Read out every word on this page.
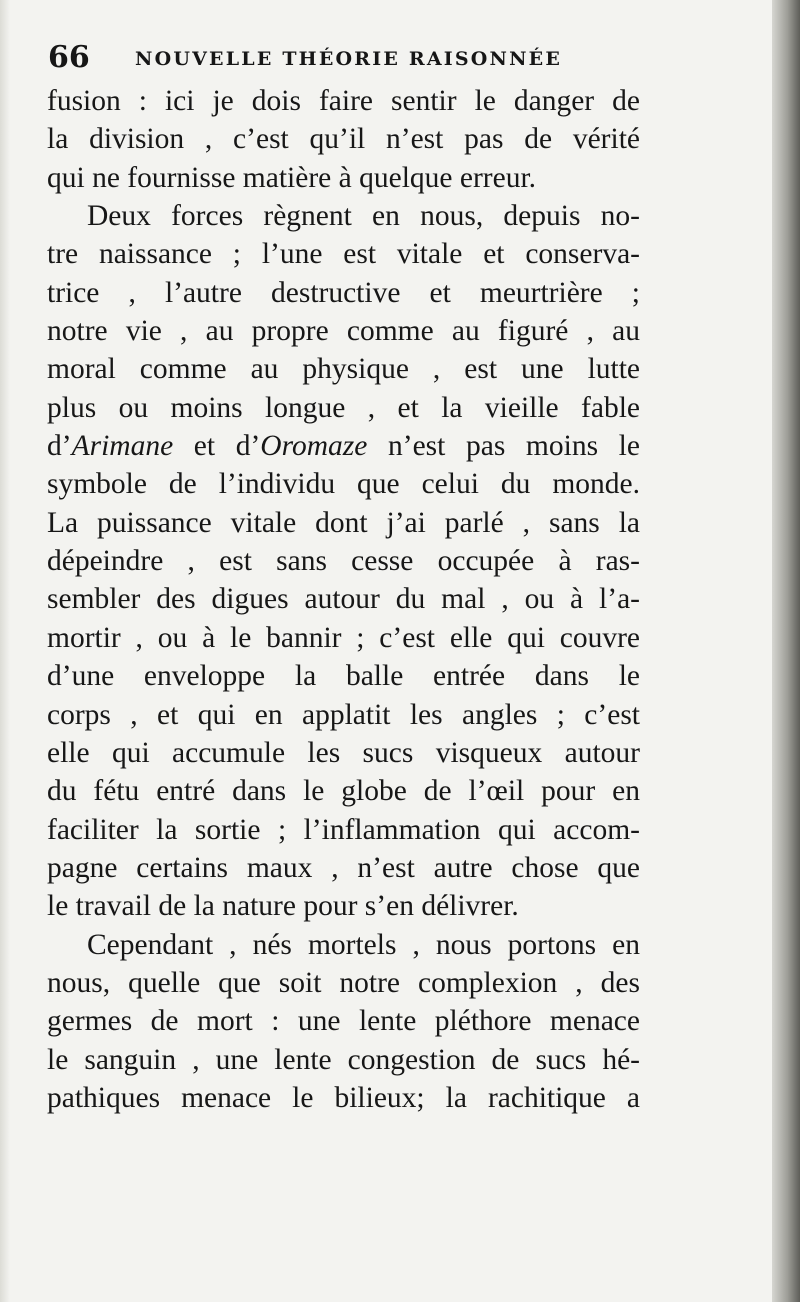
66 NOUVELLE THÉORIE RAISONNÉE
fusion : ici je dois faire sentir le danger de
la division , c’est qu’il n’est pas de vérité
qui ne fournisse matière à quelque erreur.
Deux forces règnent en nous, depuis no-
tre naissance ; l’une est vitale et conserva-
trice , l’autre destructive et meurtrière ;
notre vie , au propre comme au figuré , au
moral comme au physique , est une lutte
plus ou moins longue , et la vieille fable
d’Arimane et d’Oromaze n’est pas moins le
symbole de l’individu que celui du monde.
La puissance vitale dont j’ai parlé , sans la
dépeindre , est sans cesse occupée à ras-
sembler des digues autour du mal , ou à l’a-
mortir , ou à le bannir ; c’est elle qui couvre
d’une enveloppe la balle entrée dans le
corps , et qui en applatit les angles ; c’est
elle qui accumule les sucs visqueux autour
du fétu entré dans le globe de l’œil pour en
faciliter la sortie ; l’inflammation qui accom-
pagne certains maux , n’est autre chose que
le travail de la nature pour s’en délivrer.
Cependant , nés mortels , nous portons en
nous, quelle que soit notre complexion , des
germes de mort : une lente pléthore menace
le sanguin , une lente congestion de sucs hé-
pathiques menace le bilieux; la rachitique a
